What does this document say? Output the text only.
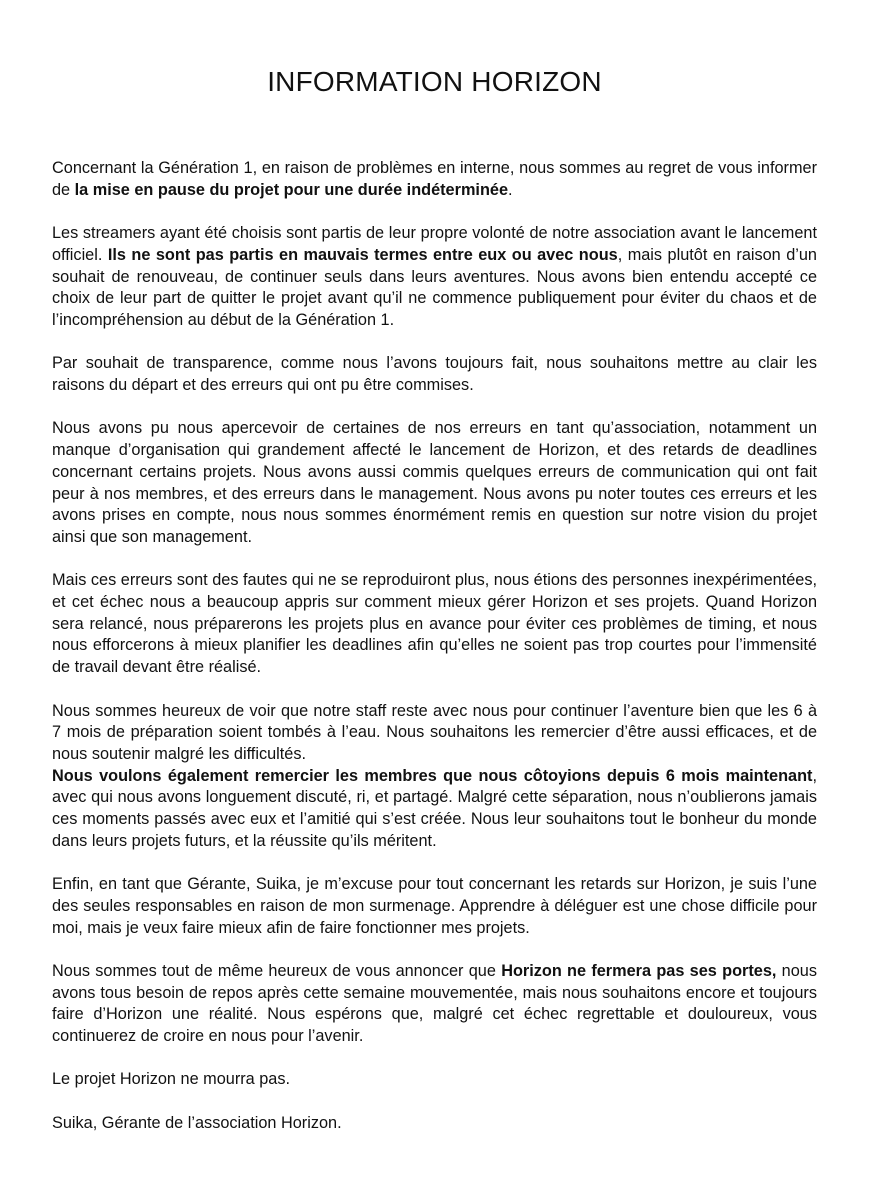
INFORMATION HORIZON

Concernant la Génération 1, en raison de problèmes en interne, nous sommes au regret de vous informer de la mise en pause du projet pour une durée indéterminée.

Les streamers ayant été choisis sont partis de leur propre volonté de notre association avant le lancement officiel. Ils ne sont pas partis en mauvais termes entre eux ou avec nous, mais plutôt en raison d’un souhait de renouveau, de continuer seuls dans leurs aventures. Nous avons bien entendu accepté ce choix de leur part de quitter le projet avant qu’il ne commence publiquement pour éviter du chaos et de l’incompréhension au début de la Génération 1.

Par souhait de transparence, comme nous l’avons toujours fait, nous souhaitons mettre au clair les raisons du départ et des erreurs qui ont pu être commises.

Nous avons pu nous apercevoir de certaines de nos erreurs en tant qu’association, notamment un manque d’organisation qui grandement affecté le lancement de Horizon, et des retards de deadlines concernant certains projets. Nous avons aussi commis quelques erreurs de communication qui ont fait peur à nos membres, et des erreurs dans le management. Nous avons pu noter toutes ces erreurs et les avons prises en compte, nous nous sommes énormément remis en question sur notre vision du projet ainsi que son management.

Mais ces erreurs sont des fautes qui ne se reproduiront plus, nous étions des personnes inexpérimentées, et cet échec nous a beaucoup appris sur comment mieux gérer Horizon et ses projets. Quand Horizon sera relancé, nous préparerons les projets plus en avance pour éviter ces problèmes de timing, et nous nous efforcerons à mieux planifier les deadlines afin qu’elles ne soient pas trop courtes pour l’immensité de travail devant être réalisé.

Nous sommes heureux de voir que notre staff reste avec nous pour continuer l’aventure bien que les 6 à 7 mois de préparation soient tombés à l’eau. Nous souhaitons les remercier d’être aussi efficaces, et de nous soutenir malgré les difficultés.

Nous voulons également remercier les membres que nous côtoyions depuis 6 mois maintenant, avec qui nous avons longuement discuté, ri, et partagé. Malgré cette séparation, nous n’oublierons jamais ces moments passés avec eux et l’amitié qui s’est créée. Nous leur souhaitons tout le bonheur du monde dans leurs projets futurs, et la réussite qu’ils méritent.

Enfin, en tant que Gérante, Suika, je m’excuse pour tout concernant les retards sur Horizon, je suis l’une des seules responsables en raison de mon surmenage. Apprendre à déléguer est une chose difficile pour moi, mais je veux faire mieux afin de faire fonctionner mes projets.

Nous sommes tout de même heureux de vous annoncer que Horizon ne fermera pas ses portes, nous avons tous besoin de repos après cette semaine mouvementée, mais nous souhaitons encore et toujours faire d’Horizon une réalité. Nous espérons que, malgré cet échec regrettable et douloureux, vous continuerez de croire en nous pour l’avenir.

Le projet Horizon ne mourra pas.

Suika, Gérante de l’association Horizon.
